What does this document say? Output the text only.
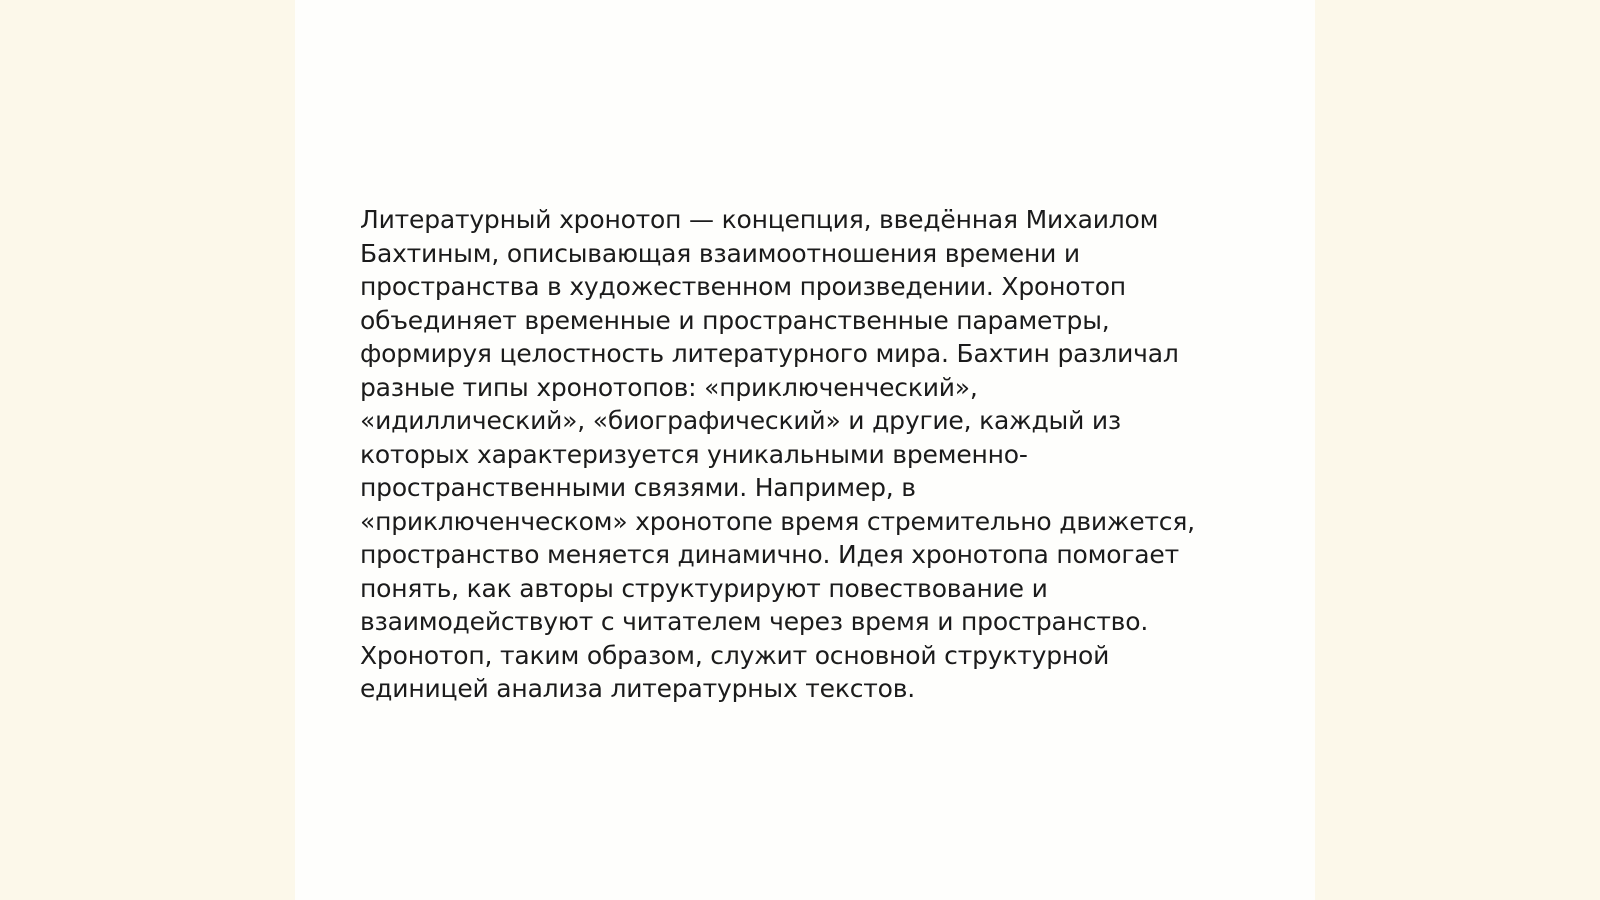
Литературный хронотоп — концепция, введённая Михаилом
Бахтиным, описывающая взаимоотношения времени и
пространства в художественном произведении. Хронотоп
объединяет временные и пространственные параметры,
формируя целостность литературного мира. Бахтин различал
разные типы хронотопов: «приключенческий»,
«идиллический», «биографический» и другие, каждый из
которых характеризуется уникальными временно-
пространственными связями. Например, в
«приключенческом» хронотопе время стремительно движется,
пространство меняется динамично. Идея хронотопа помогает
понять, как авторы структурируют повествование и
взаимодействуют с читателем через время и пространство.
Хронотоп, таким образом, служит основной структурной
единицей анализа литературных текстов.
